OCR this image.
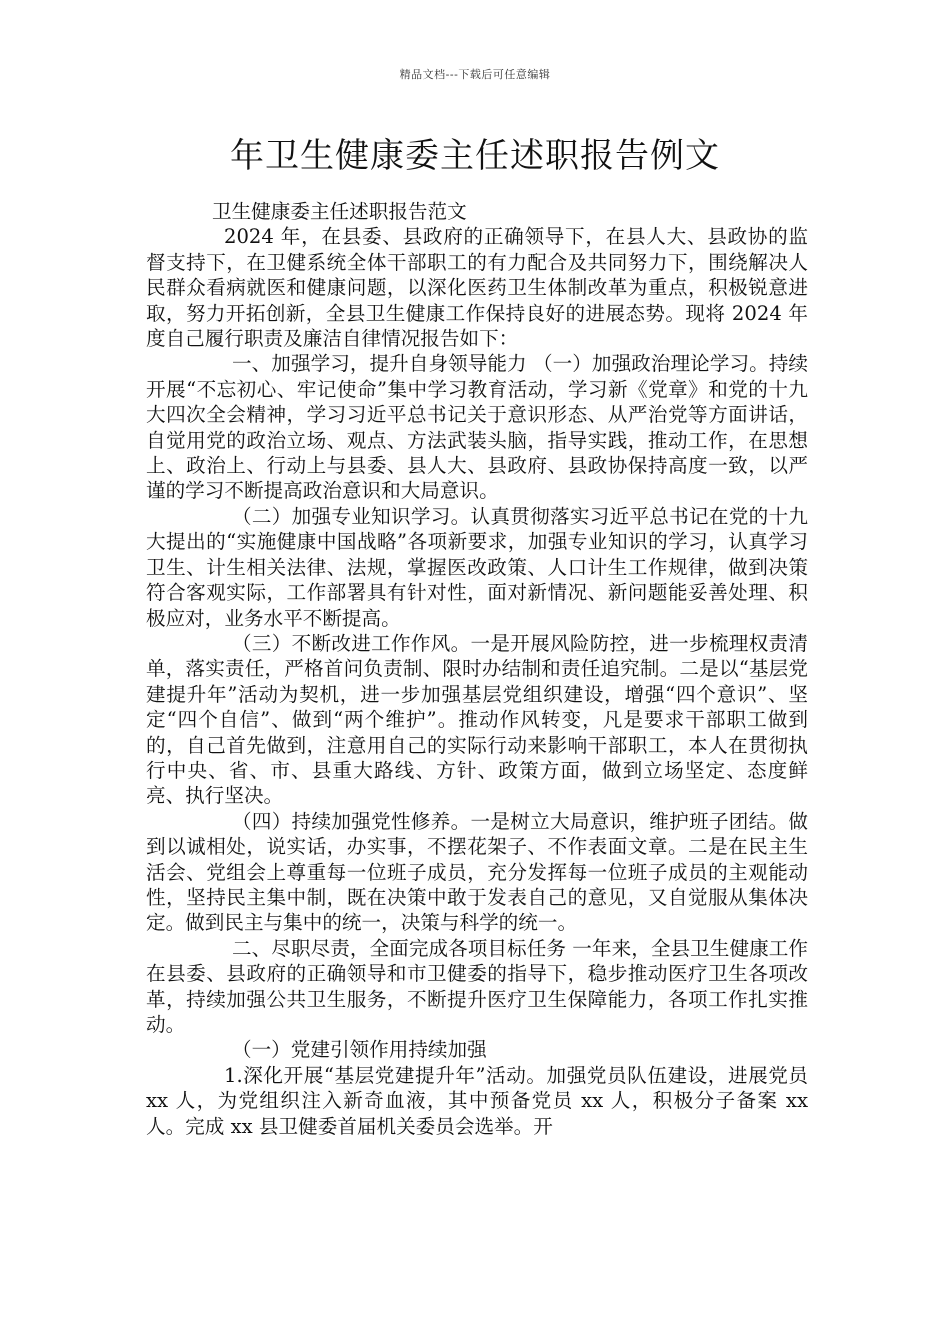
精品文档---下载后可任意编辑
年卫生健康委主任述职报告例文

卫生健康委主任述职报告范文

2024 年，在县委、县政府的正确领导下，在县人大、县政协的监督支持下，在卫健系统全体干部职工的有力配合及共同努力下，围绕解决人民群众看病就医和健康问题，以深化医药卫生体制改革为重点，积极锐意进取，努力开拓创新，全县卫生健康工作保持良好的进展态势。现将 2024 年度自己履行职责及廉洁自律情况报告如下：

一、加强学习，提升自身领导能力 （一）加强政治理论学习。持续开展“不忘初心、牢记使命”集中学习教育活动，学习新《党章》和党的十九大四次全会精神，学习习近平总书记关于意识形态、从严治党等方面讲话，自觉用党的政治立场、观点、方法武装头脑，指导实践，推动工作，在思想上、政治上、行动上与县委、县人大、县政府、县政协保持高度一致，以严谨的学习不断提高政治意识和大局意识。

（二）加强专业知识学习。认真贯彻落实习近平总书记在党的十九大提出的“实施健康中国战略”各项新要求，加强专业知识的学习，认真学习卫生、计生相关法律、法规，掌握医改政策、人口计生工作规律，做到决策符合客观实际，工作部署具有针对性，面对新情况、新问题能妥善处理、积极应对，业务水平不断提高。

（三）不断改进工作作风。一是开展风险防控，进一步梳理权责清单，落实责任，严格首问负责制、限时办结制和责任追究制。二是以“基层党建提升年”活动为契机，进一步加强基层党组织建设，增强“四个意识”、坚定“四个自信”、做到“两个维护”。推动作风转变，凡是要求干部职工做到的，自己首先做到，注意用自己的实际行动来影响干部职工，本人在贯彻执行中央、省、市、县重大路线、方针、政策方面，做到立场坚定、态度鲜亮、执行坚决。

（四）持续加强党性修养。一是树立大局意识，维护班子团结。做到以诚相处，说实话，办实事，不摆花架子、不作表面文章。二是在民主生活会、党组会上尊重每一位班子成员，充分发挥每一位班子成员的主观能动性，坚持民主集中制，既在决策中敢于发表自己的意见，又自觉服从集体决定。做到民主与集中的统一，决策与科学的统一。

二、尽职尽责，全面完成各项目标任务 一年来，全县卫生健康工作在县委、县政府的正确领导和市卫健委的指导下，稳步推动医疗卫生各项改革，持续加强公共卫生服务，不断提升医疗卫生保障能力，各项工作扎实推动。

（一）党建引领作用持续加强

1.深化开展“基层党建提升年”活动。加强党员队伍建设，进展党员 xx 人，为党组织注入新奇血液，其中预备党员 xx 人，积极分子备案 xx 人。完成 xx 县卫健委首届机关委员会选举。开
